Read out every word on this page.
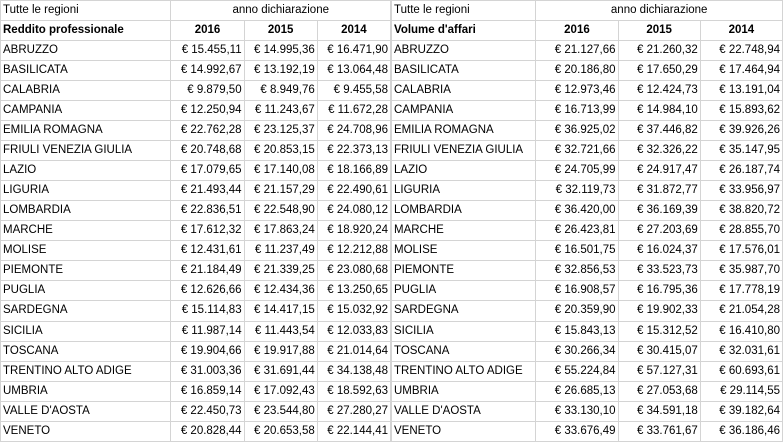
Tutte le regioni	anno dichiarazione		
Reddito professionale	2016	2015	2014
ABRUZZO	€ 15.455,11	€ 14.995,36	€ 16.471,90
BASILICATA	€ 14.992,67	€ 13.192,19	€ 13.064,48
CALABRIA	€ 9.879,50	€ 8.949,76	€ 9.455,58
CAMPANIA	€ 12.250,94	€ 11.243,67	€ 11.672,28
EMILIA ROMAGNA	€ 22.762,28	€ 23.125,37	€ 24.708,96
FRIULI VENEZIA GIULIA	€ 20.748,68	€ 20.853,15	€ 22.373,13
LAZIO	€ 17.079,65	€ 17.140,08	€ 18.166,89
LIGURIA	€ 21.493,44	€ 21.157,29	€ 22.490,61
LOMBARDIA	€ 22.836,51	€ 22.548,90	€ 24.080,12
MARCHE	€ 17.612,32	€ 17.863,24	€ 18.920,24
MOLISE	€ 12.431,61	€ 11.237,49	€ 12.212,88
PIEMONTE	€ 21.184,49	€ 21.339,25	€ 23.080,68
PUGLIA	€ 12.626,66	€ 12.434,36	€ 13.250,65
SARDEGNA	€ 15.114,83	€ 14.417,15	€ 15.032,92
SICILIA	€ 11.987,14	€ 11.443,54	€ 12.033,83
TOSCANA	€ 19.904,66	€ 19.917,88	€ 21.014,64
TRENTINO ALTO ADIGE	€ 31.003,36	€ 31.691,44	€ 34.138,48
UMBRIA	€ 16.859,14	€ 17.092,43	€ 18.592,63
VALLE D'AOSTA	€ 22.450,73	€ 23.544,80	€ 27.280,27
VENETO	€ 20.828,44	€ 20.653,58	€ 22.144,41
Tutte le regioni	anno dichiarazione		
Volume d'affari	2016	2015	2014
ABRUZZO	€ 21.127,66	€ 21.260,32	€ 22.748,94
BASILICATA	€ 20.186,80	€ 17.650,29	€ 17.464,94
CALABRIA	€ 12.973,46	€ 12.424,73	€ 13.191,04
CAMPANIA	€ 16.713,99	€ 14.984,10	€ 15.893,62
EMILIA ROMAGNA	€ 36.925,02	€ 37.446,82	€ 39.926,26
FRIULI VENEZIA GIULIA	€ 32.721,66	€ 32.326,22	€ 35.147,95
LAZIO	€ 24.705,99	€ 24.917,47	€ 26.187,74
LIGURIA	€ 32.119,73	€ 31.872,77	€ 33.956,97
LOMBARDIA	€ 36.420,00	€ 36.169,39	€ 38.820,72
MARCHE	€ 26.423,81	€ 27.203,69	€ 28.855,70
MOLISE	€ 16.501,75	€ 16.024,37	€ 17.576,01
PIEMONTE	€ 32.856,53	€ 33.523,73	€ 35.987,70
PUGLIA	€ 16.908,57	€ 16.795,36	€ 17.778,19
SARDEGNA	€ 20.359,90	€ 19.902,33	€ 21.054,28
SICILIA	€ 15.843,13	€ 15.312,52	€ 16.410,80
TOSCANA	€ 30.266,34	€ 30.415,07	€ 32.031,61
TRENTINO ALTO ADIGE	€ 55.224,84	€ 57.127,31	€ 60.693,61
UMBRIA	€ 26.685,13	€ 27.053,68	€ 29.114,55
VALLE D'AOSTA	€ 33.130,10	€ 34.591,18	€ 39.182,64
VENETO	€ 33.676,49	€ 33.761,67	€ 36.186,46
